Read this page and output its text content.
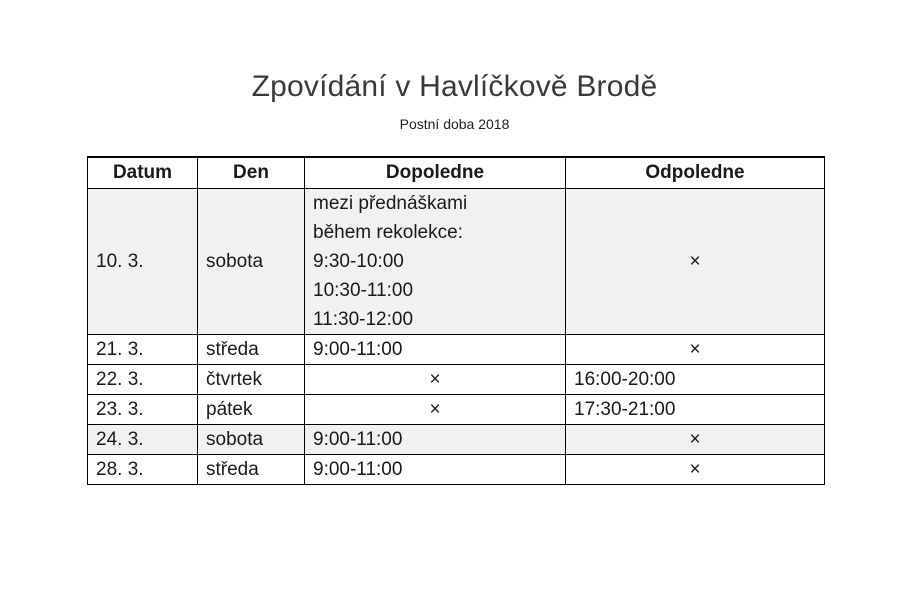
Zpovídání v Havlíčkově Brodě
Postní doba 2018
Datum	Den	Dopoledne	Odpoledne
10. 3.	sobota	mezi přednáškami
během rekolekce:
9:30-10:00
10:30-11:00
11:30-12:00	×
21. 3.	středa	9:00-11:00	×
22. 3.	čtvrtek	×	16:00-20:00
23. 3.	pátek	×	17:30-21:00
24. 3.	sobota	9:00-11:00	×
28. 3.	středa	9:00-11:00	×
